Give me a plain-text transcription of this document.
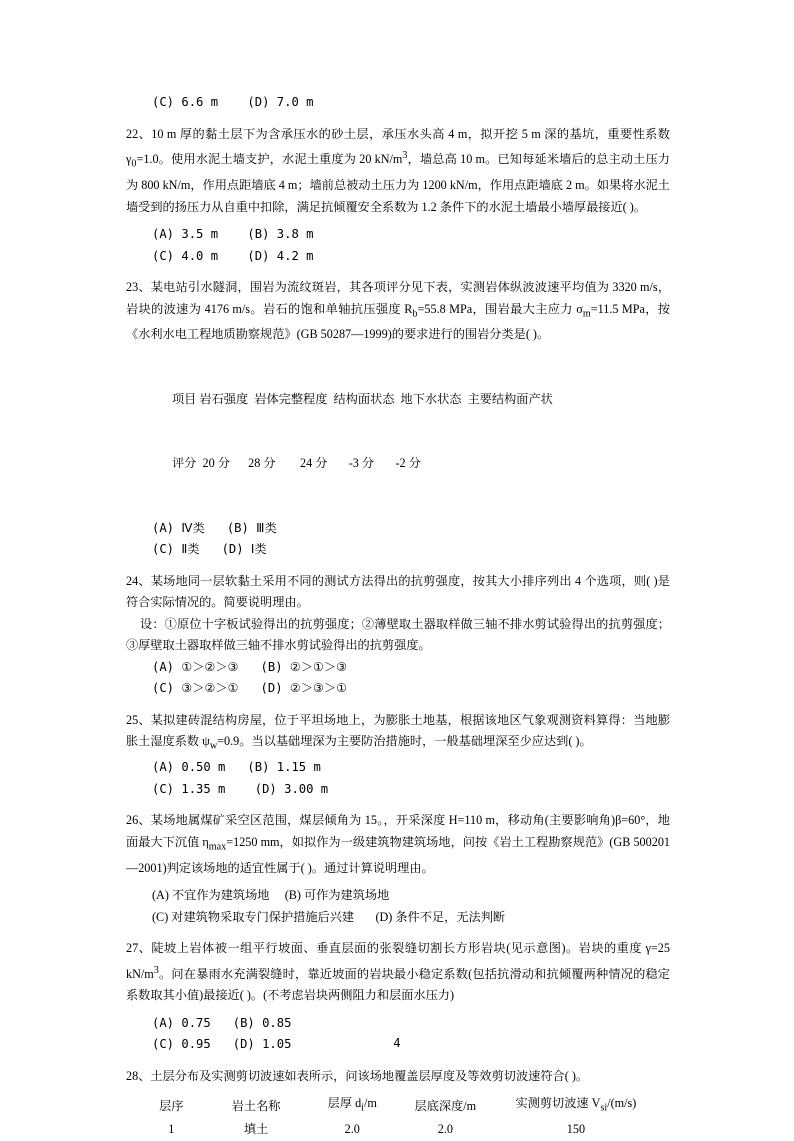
(C) 6.6 m (D) 7.0 m

22、10 m 厚的黏土层下为含承压水的砂土层，承压水头高 4 m，拟开挖 5 m 深的基坑，重要性系数 $\gamma_0=1.0$。使用水泥土墙支护，水泥土重度为 20 $kN/m^3$，墙总高 10 m。已知每延米墙后的总主动土压力为 800 kN/m，作用点距墙底 4 m；墙前总被动土压力为 1200 kN/m，作用点距墙底 2 m。如果将水泥土墙受到的扬压力从自重中扣除，满足抗倾覆安全系数为 1.2 条件下的水泥土墙最小墙厚最接近( )。

(A) 3.5 m (B) 3.8 m
(C) 4.0 m (D) 4.2 m

23、某电站引水隧洞，围岩为流纹斑岩，其各项评分见下表，实测岩体纵波波速平均值为 3320 m/s，岩块的波速为 4176 m/s。岩石的饱和单轴抗压强度 $R_b=55.8$ MPa，围岩最大主应力 $\sigma_m=11.5$ MPa，按《水利水电工程地质勘察规范》(GB 50287—1999)的要求进行的围岩分类是( )。

项目 岩石强度 岩体完整程度 结构面状态 地下水状态 主要结构面产状

评分 20 分 28 分 24 分 -3 分 -2 分

(A) Ⅳ类 (B) Ⅲ类
(C) Ⅱ类 (D) Ⅰ类

24、某场地同一层软黏土采用不同的测试方法得出的抗剪强度，按其大小排序列出 4 个选项，则( )是符合实际情况的。简要说明理由。

设：①原位十字板试验得出的抗剪强度；②薄壁取土器取样做三轴不排水剪试验得出的抗剪强度；③厚壁取土器取样做三轴不排水剪试验得出的抗剪强度。

(A) ①＞②＞③ (B) ②＞①＞③
(C) ③＞②＞① (D) ②＞③＞①

25、某拟建砖混结构房屋，位于平坦场地上，为膨胀土地基，根据该地区气象观测资料算得：当地膨胀土湿度系数 $\psi_w=0.9$。当以基础埋深为主要防治措施时，一般基础埋深至少应达到( )。

(A) 0.50 m (B) 1.15 m
(C) 1.35 m (D) 3.00 m

26、某场地属煤矿采空区范围，煤层倾角为 15。，开采深度 H=110 m，移动角(主要影响角)β=60°，地面最大下沉值 $\eta_{max}=1250$ mm，如拟作为一级建筑物建筑场地，问按《岩土工程勘察规范》(GB 500201—2001)判定该场地的适宜性属于( )。通过计算说明理由。

(A) 不宜作为建筑场地 (B) 可作为建筑场地
(C) 对建筑物采取专门保护措施后兴建 (D) 条件不足，无法判断

27、陡坡上岩体被一组平行坡面、垂直层面的张裂缝切割长方形岩块(见示意图)。岩块的重度 γ=25 $kN/m^3$。问在暴雨水充满裂缝时，靠近坡面的岩块最小稳定系数(包括抗滑动和抗倾覆两种情况的稳定系数取其小值)最接近( )。(不考虑岩块两侧阻力和层面水压力)

(A) 0.75 (B) 0.85
(C) 0.95 (D) 1.05

28、土层分布及实测剪切波速如表所示，问该场地覆盖层厚度及等效剪切波速符合( )。

层序	岩土名称	层厚 $d_i/m$	层底深度/m	实测剪切波速 $V_{si}/(m/s)$
1	填土	2.0	2.0	150
4
